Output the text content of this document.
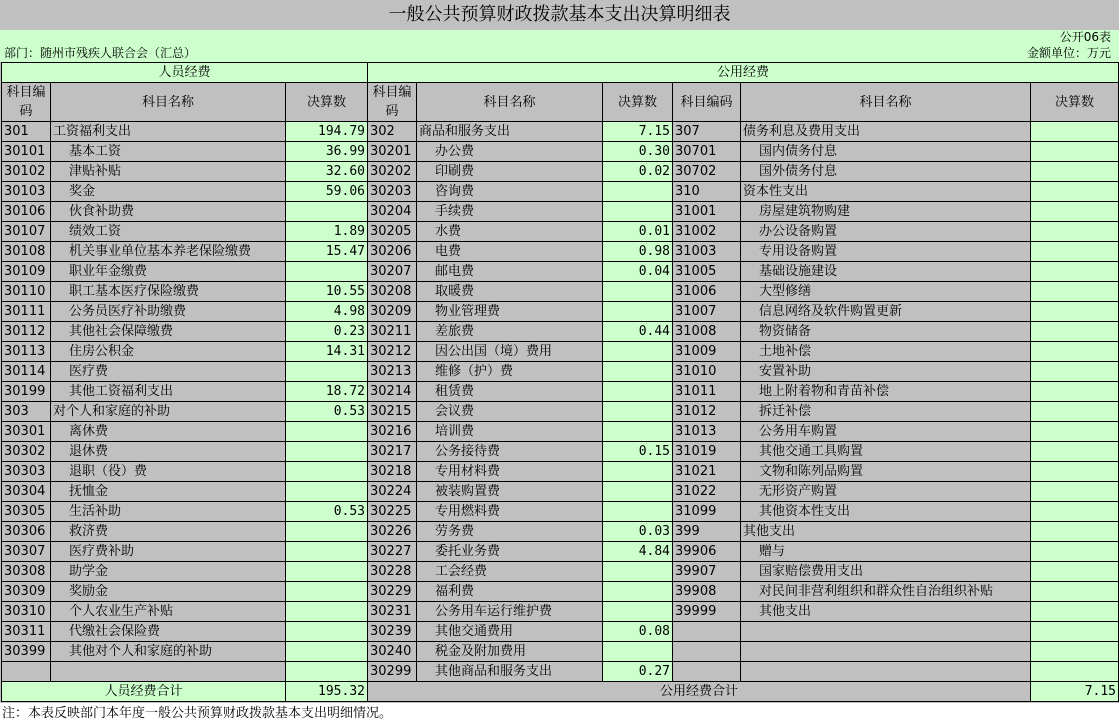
一般公共预算财政拨款基本支出决算明细表
公开06表
部门：随州市残疾人联合会（汇总）	金额单位：万元
人员经费			公用经费					
科目编码	科目名称	决算数	科目编码	科目名称	决算数	科目编码	科目名称	决算数
301	工资福利支出	194.79	302	商品和服务支出	7.15	307	债务利息及费用支出	
30101	基本工资	36.99	30201	办公费	0.30	30701	国内债务付息	
30102	津贴补贴	32.60	30202	印刷费	0.02	30702	国外债务付息	
30103	奖金	59.06	30203	咨询费		310	资本性支出	
30106	伙食补助费		30204	手续费		31001	房屋建筑物购建	
30107	绩效工资	1.89	30205	水费	0.01	31002	办公设备购置	
30108	机关事业单位基本养老保险缴费	15.47	30206	电费	0.98	31003	专用设备购置	
30109	职业年金缴费		30207	邮电费	0.04	31005	基础设施建设	
30110	职工基本医疗保险缴费	10.55	30208	取暖费		31006	大型修缮	
30111	公务员医疗补助缴费	4.98	30209	物业管理费		31007	信息网络及软件购置更新	
30112	其他社会保障缴费	0.23	30211	差旅费	0.44	31008	物资储备	
30113	住房公积金	14.31	30212	因公出国（境）费用		31009	土地补偿	
30114	医疗费		30213	维修（护）费		31010	安置补助	
30199	其他工资福利支出	18.72	30214	租赁费		31011	地上附着物和青苗补偿	
303	对个人和家庭的补助	0.53	30215	会议费		31012	拆迁补偿	
30301	离休费		30216	培训费		31013	公务用车购置	
30302	退休费		30217	公务接待费	0.15	31019	其他交通工具购置	
30303	退职（役）费		30218	专用材料费		31021	文物和陈列品购置	
30304	抚恤金		30224	被装购置费		31022	无形资产购置	
30305	生活补助	0.53	30225	专用燃料费		31099	其他资本性支出	
30306	救济费		30226	劳务费	0.03	399	其他支出	
30307	医疗费补助		30227	委托业务费	4.84	39906	赠与	
30308	助学金		30228	工会经费		39907	国家赔偿费用支出	
30309	奖励金		30229	福利费		39908	对民间非营利组织和群众性自治组织补贴	
30310	个人农业生产补贴		30231	公务用车运行维护费		39999	其他支出	
30311	代缴社会保险费		30239	其他交通费用	0.08			
30399	其他对个人和家庭的补助		30240	税金及附加费用				
			30299	其他商品和服务支出	0.27			
人员经费合计		195.32	公用经费合计					7.15
注：本表反映部门本年度一般公共预算财政拨款基本支出明细情况。
